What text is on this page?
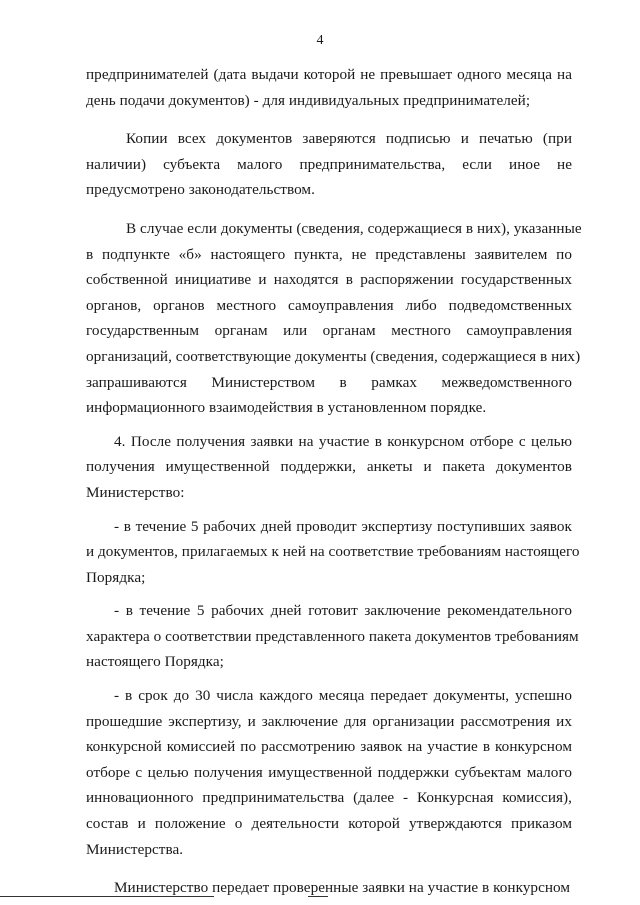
4

предпринимателей (дата выдачи которой не превышает одного месяца на
день подачи документов) - для индивидуальных предпринимателей;

Копии всех документов заверяются подписью и печатью (при
наличии) субъекта малого предпринимательства, если иное не
предусмотрено законодательством.

В случае если документы (сведения, содержащиеся в них), указанные
в подпункте «б» настоящего пункта, не представлены заявителем по
собственной инициативе и находятся в распоряжении государственных
органов, органов местного самоуправления либо подведомственных
государственным органам или органам местного самоуправления
организаций, соответствующие документы (сведения, содержащиеся в них)
запрашиваются Министерством в рамках межведомственного
информационного взаимодействия в установленном порядке.

4. После получения заявки на участие в конкурсном отборе с целью
получения имущественной поддержки, анкеты и пакета документов
Министерство:

- в течение 5 рабочих дней проводит экспертизу поступивших заявок
и документов, прилагаемых к ней на соответствие требованиям настоящего
Порядка;

- в течение 5 рабочих дней готовит заключение рекомендательного
характера о соответствии представленного пакета документов требованиям
настоящего Порядка;

- в срок до 30 числа каждого месяца передает документы, успешно
прошедшие экспертизу, и заключение для организации рассмотрения их
конкурсной комиссией по рассмотрению заявок на участие в конкурсном
отборе с целью получения имущественной поддержки субъектам малого
инновационного предпринимательства (далее - Конкурсная комиссия),
состав и положение о деятельности которой утверждаются приказом
Министерства.

Министерство передает проверенные заявки на участие в конкурсном
